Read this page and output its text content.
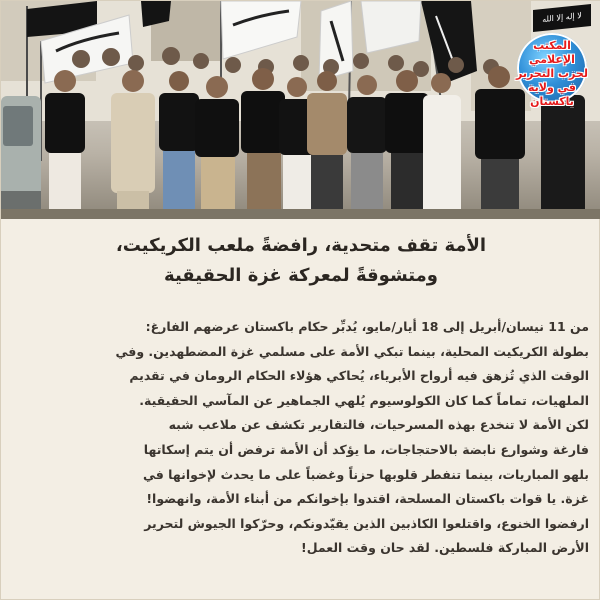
لا إله إلا الله
المكتب الإعلامي
لحزب التحرير
في ولاية باكستان
الأمة تقف متحدية، رافضةً ملعب الكريكيت،
ومتشوقةً لمعركة غزة الحقيقية
من 11 نيسان/أبريل إلى 18 أيار/مايو، يُدبِّر حكام باكستان عرضهم الفارغ:
بطولة الكريكيت المحلية، بينما تبكي الأمة على مسلمي غزة المضطهدين. وفي
الوقت الذي تُزهق فيه أرواح الأبرياء، يُحاكي هؤلاء الحكام الرومان في تقديم
الملهيات، تماماً كما كان الكولوسيوم يُلهي الجماهير عن المآسي الحقيقية.
لكن الأمة لا تنخدع بهذه المسرحيات، فالتقارير تكشف عن ملاعب شبه
فارغة وشوارع نابضة بالاحتجاجات، ما يؤكد أن الأمة ترفض أن يتم إسكاتها
بلهو المباريات، بينما تنفطر قلوبها حزناً وغضباً على ما يحدث لإخوانها في
غزة. يا قوات باكستان المسلحة، اقتدوا بإخوانكم من أبناء الأمة، وانهضوا!
ارفضوا الخنوع، واقتلعوا الكاذبين الذين يقيّدونكم، وحرّكوا الجيوش لتحرير
الأرض المباركة فلسطين. لقد حان وقت العمل!
